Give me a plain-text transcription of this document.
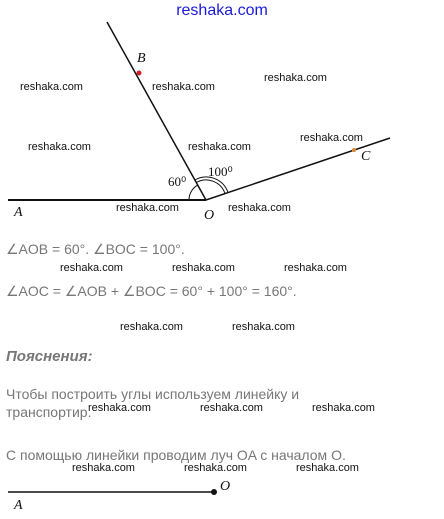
reshaka.com
B
C
A	O
60⁰
100⁰
O
A
reshaka.com	reshaka.com
reshaka.com
reshaka.com
reshaka.com	reshaka.com
reshaka.com	reshaka.com
reshaka.com	reshaka.com	reshaka.com
reshaka.com	reshaka.com
reshaka.com	reshaka.com	reshaka.com
reshaka.com	reshaka.com	reshaka.com
∠AOB = 60°. ∠BOC = 100°.
∠AOC = ∠AOB + ∠BOC = 60° + 100° = 160°.
Пояснения:
Чтобы построить углы используем линейку и
транспортир.
С помощью линейки проводим луч OA с началом O.
